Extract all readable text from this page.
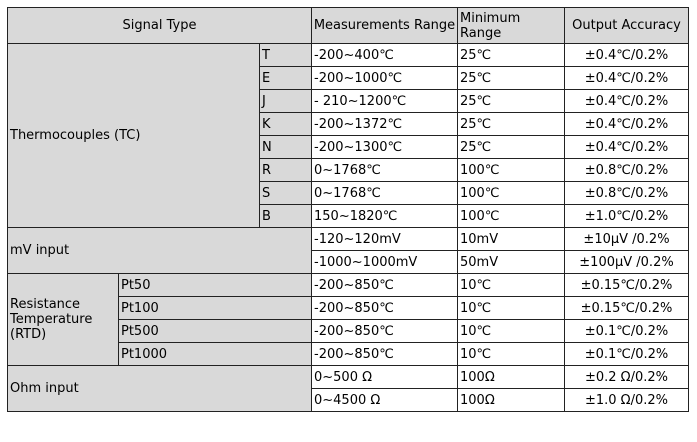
Signal Type			Measurements Range	Minimum Range	Output Accuracy
Thermocouples (TC)		T	-200~400℃	25℃	±0.4℃/0.2%
		E	-200~1000℃	25℃	±0.4℃/0.2%
		J	- 210~1200℃	25℃	±0.4℃/0.2%
		K	-200~1372℃	25℃	±0.4℃/0.2%
		N	-200~1300℃	25℃	±0.4℃/0.2%
		R	0~1768℃	100℃	±0.8℃/0.2%
		S	0~1768℃	100℃	±0.8℃/0.2%
		B	150~1820℃	100℃	±1.0℃/0.2%
mV input			-120~120mV	10mV	±10μV /0.2%
			-1000~1000mV	50mV	±100μV /0.2%
Resistance Temperature (RTD)	Pt50		-200~850℃	10℃	±0.15℃/0.2%
	Pt100		-200~850℃	10℃	±0.15℃/0.2%
	Pt500		-200~850℃	10℃	±0.1℃/0.2%
	Pt1000		-200~850℃	10℃	±0.1℃/0.2%
Ohm input			0~500 Ω	100Ω	±0.2 Ω/0.2%
			0~4500 Ω	100Ω	±1.0 Ω/0.2%
